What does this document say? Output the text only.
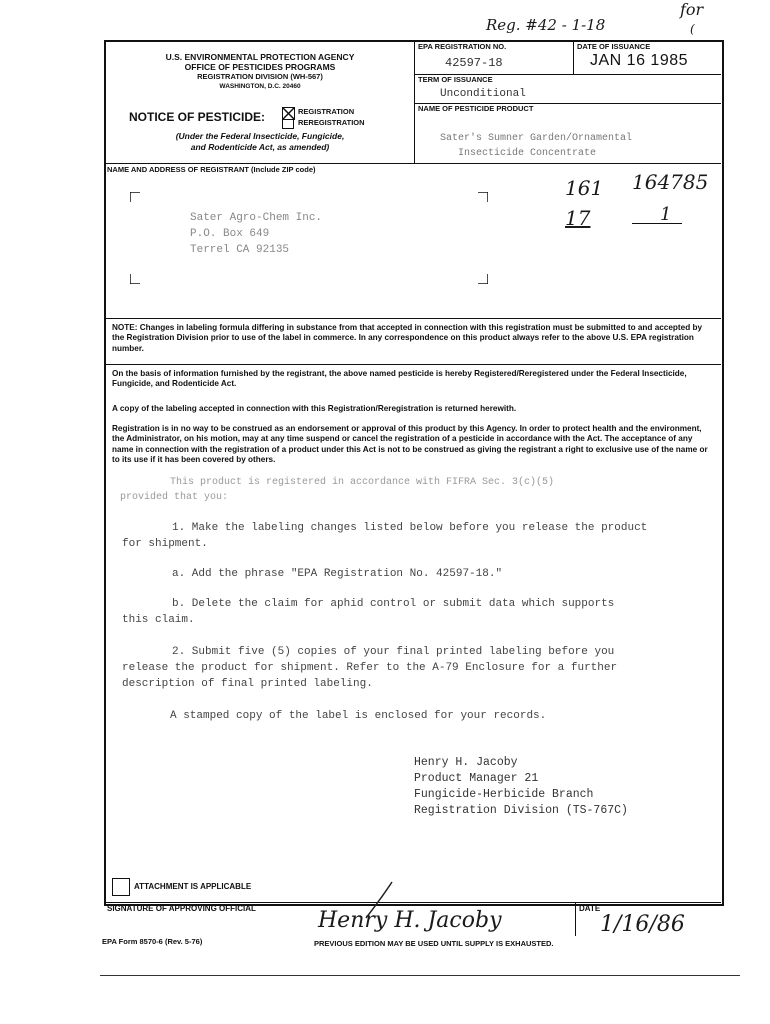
Reg. #42 - 1-18
for
(
U.S. ENVIRONMENTAL PROTECTION AGENCY
OFFICE OF PESTICIDES PROGRAMS
REGISTRATION DIVISION (WH-567)
WASHINGTON, D.C. 20460
NOTICE OF PESTICIDE:	REGISTRATION
REREGISTRATION
(Under the Federal Insecticide, Fungicide,
and Rodenticide Act, as amended)
EPA REGISTRATION NO.
42597-18
DATE OF ISSUANCE
JAN 16 1985
TERM OF ISSUANCE
Unconditional
NAME OF PESTICIDE PRODUCT
Sater's Sumner Garden/Ornamental
Insecticide Concentrate
NAME AND ADDRESS OF REGISTRANT (Include ZIP code)
Sater Agro-Chem Inc.
P.O. Box 649
Terrel CA 92135
161 164785
17	1
NOTE: Changes in labeling formula differing in substance from that accepted in connection with this registration must be submitted to and accepted by the Registration Division prior to use of the label in commerce. In any correspondence on this product always refer to the above U.S. EPA registration number.
On the basis of information furnished by the registrant, the above named pesticide is hereby Registered/Reregistered under the Federal Insecticide, Fungicide, and Rodenticide Act.
A copy of the labeling accepted in connection with this Registration/Reregistration is returned herewith.
Registration is in no way to be construed as an endorsement or approval of this product by this Agency. In order to protect health and the environment, the Administrator, on his motion, may at any time suspend or cancel the registration of a pesticide in accordance with the Act. The acceptance of any name in connection with the registration of a product under this Act is not to be construed as giving the registrant a right to exclusive use of the name or to its use if it has been covered by others.
This product is registered in accordance with FIFRA Sec. 3(c)(5)
provided that you:
1. Make the labeling changes listed below before you release the product
for shipment.
a. Add the phrase "EPA Registration No. 42597-18."
b. Delete the claim for aphid control or submit data which supports
this claim.
2. Submit five (5) copies of your final printed labeling before you
release the product for shipment. Refer to the A-79 Enclosure for a further
description of final printed labeling.
A stamped copy of the label is enclosed for your records.
Henry H. Jacoby
Product Manager 21
Fungicide-Herbicide Branch
Registration Division (TS-767C)
ATTACHMENT IS APPLICABLE
SIGNATURE OF APPROVING OFFICIAL	Henry H. Jacoby	DATE
1/16/86
EPA Form 8570-6 (Rev. 5-76)	PREVIOUS EDITION MAY BE USED UNTIL SUPPLY IS EXHAUSTED.
